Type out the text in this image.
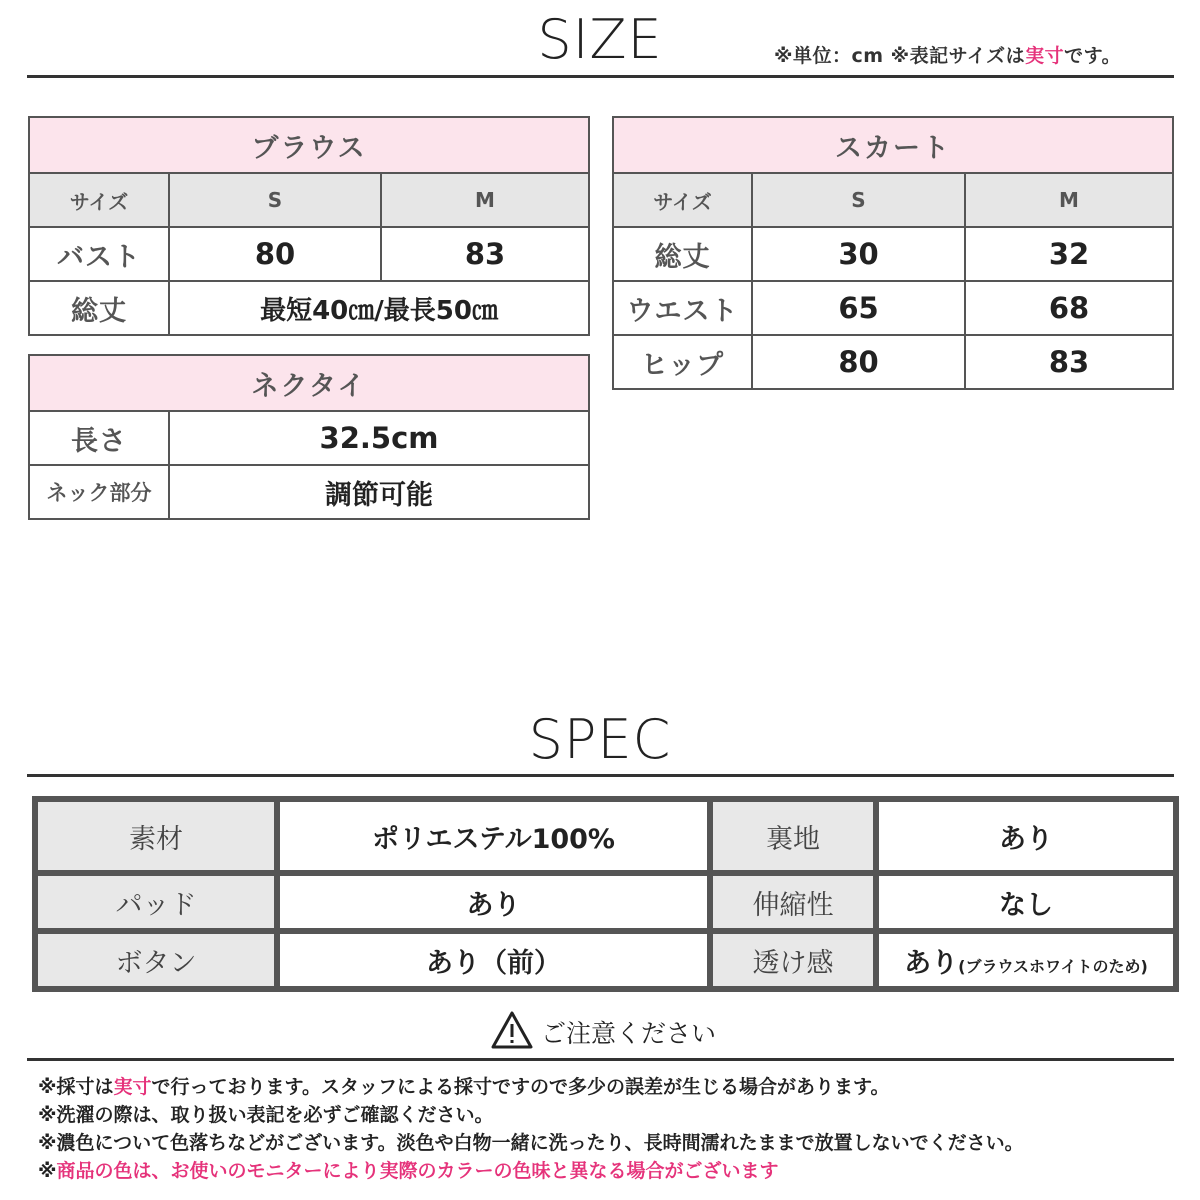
SIZE	※単位：cm ※表記サイズは実寸です。
ブラウス		
サイズ	S	M
バスト	80	83
総丈	最短40㎝/最長50㎝	
ネクタイ	
長さ	32.5cm
ネック部分	調節可能
スカート		
サイズ	S	M
総丈	30	32
ウエスト	65	68
ヒップ	80	83
SPEC
素材	ポリエステル100%	裏地	あり
パッド	あり	伸縮性	なし
ボタン	あり（前）	透け感	あり(ブラウスホワイトのため)
ご注意ください
※採寸は実寸で行っております。スタッフによる採寸ですので多少の誤差が生じる場合があります。
※洗濯の際は、取り扱い表記を必ずご確認ください。
※濃色について色落ちなどがございます。淡色や白物一緒に洗ったり、長時間濡れたままで放置しないでください。
※商品の色は、お使いのモニターにより実際のカラーの色味と異なる場合がございます
